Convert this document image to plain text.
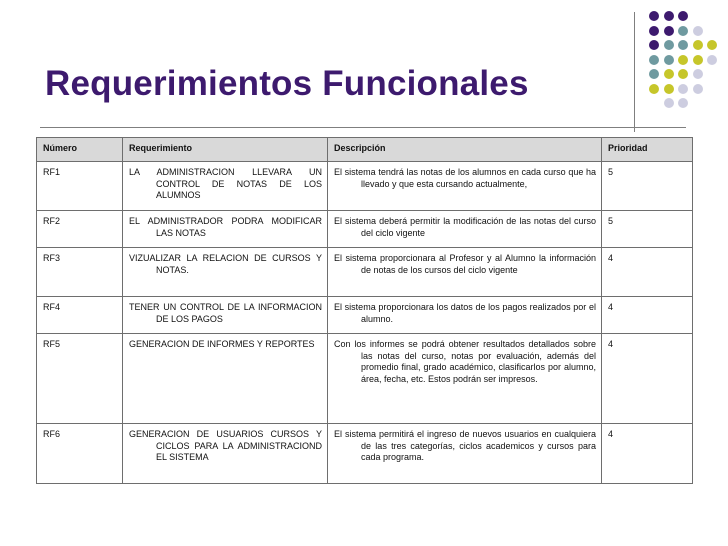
Requerimientos Funcionales
Número	Requerimiento	Descripción	Prioridad
RF1	LA ADMINISTRACION LLEVARA UN CONTROL DE NOTAS DE LOS ALUMNOS	El sistema tendrá las notas de los alumnos en cada curso que ha llevado y que esta cursando actualmente,	5
RF2	EL ADMINISTRADOR PODRA MODIFICAR LAS NOTAS	El sistema deberá permitir la modificación de las notas del curso del ciclo vigente	5
RF3	VIZUALIZAR LA RELACION DE CURSOS Y NOTAS.	El sistema proporcionara al Profesor y al Alumno la información de notas de los cursos del ciclo vigente	4
RF4	TENER UN CONTROL DE LA INFORMACION DE LOS PAGOS	El sistema proporcionara los datos de los pagos realizados por el alumno.	4
RF5	GENERACION DE INFORMES Y REPORTES	Con los informes se podrá obtener resultados detallados sobre las notas del curso, notas por evaluación, además del promedio final, grado académico, clasificarlos por alumno, área, fecha, etc. Estos podrán ser impresos.	4
RF6	GENERACION DE USUARIOS CURSOS Y CICLOS PARA LA ADMINISTRACIOND EL SISTEMA	El sistema permitirá el ingreso de nuevos usuarios en cualquiera de las tres categorías, ciclos academicos y cursos para cada programa.	4
